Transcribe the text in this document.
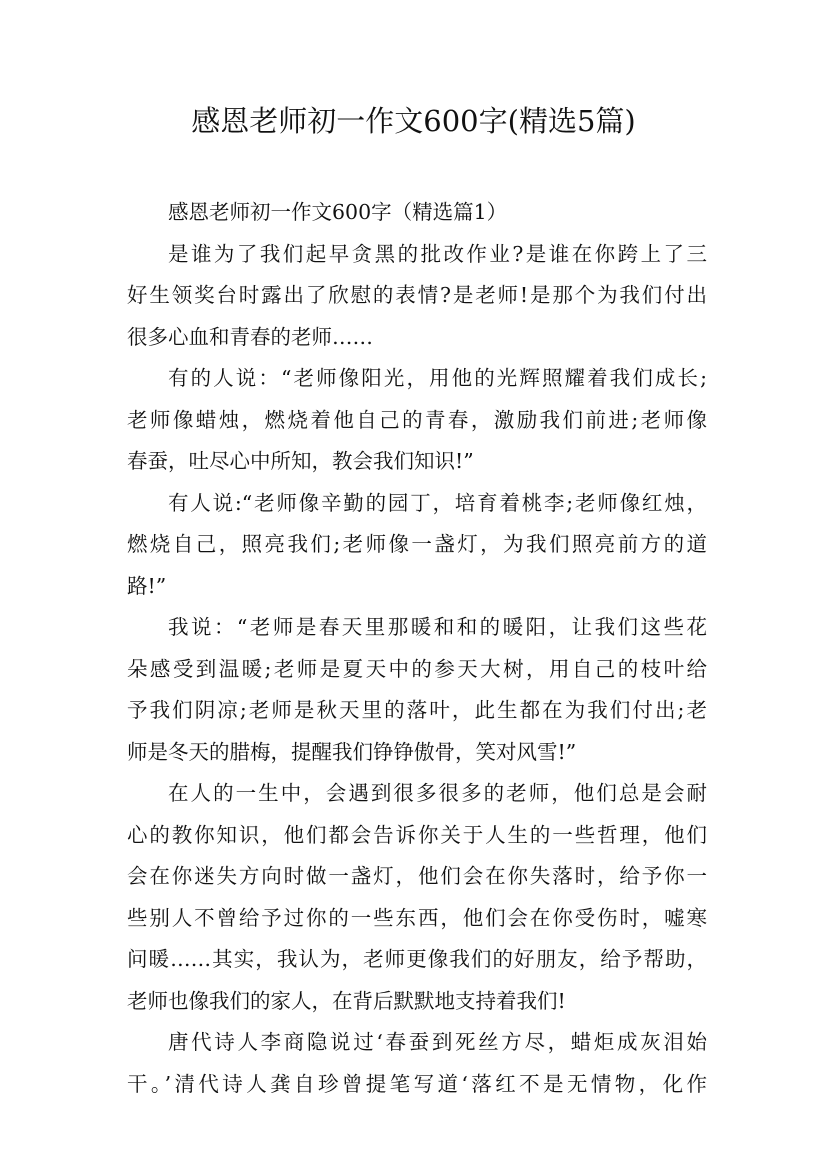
感恩老师初一作文600字(精选5篇)
感恩老师初一作文600字（精选篇1）
是谁为了我们起早贪黑的批改作业?是谁在你跨上了三
好生领奖台时露出了欣慰的表情?是老师!是那个为我们付出
很多心血和青春的老师……
有的人说：“老师像阳光，用他的光辉照耀着我们成长;
老师像蜡烛，燃烧着他自己的青春，激励我们前进;老师像
春蚕，吐尽心中所知，教会我们知识!”
有人说:“老师像辛勤的园丁，培育着桃李;老师像红烛，
燃烧自己，照亮我们;老师像一盏灯，为我们照亮前方的道
路!”
我说：“老师是春天里那暖和和的暖阳，让我们这些花
朵感受到温暖;老师是夏天中的参天大树，用自己的枝叶给
予我们阴凉;老师是秋天里的落叶，此生都在为我们付出;老
师是冬天的腊梅，提醒我们铮铮傲骨，笑对风雪!”
在人的一生中，会遇到很多很多的老师，他们总是会耐
心的教你知识，他们都会告诉你关于人生的一些哲理，他们
会在你迷失方向时做一盏灯，他们会在你失落时，给予你一
些别人不曾给予过你的一些东西，他们会在你受伤时，嘘寒
问暖……其实，我认为，老师更像我们的好朋友，给予帮助，
老师也像我们的家人，在背后默默地支持着我们!
唐代诗人李商隐说过‘春蚕到死丝方尽，蜡炬成灰泪始
干。’清代诗人龚自珍曾提笔写道‘落红不是无情物，化作
